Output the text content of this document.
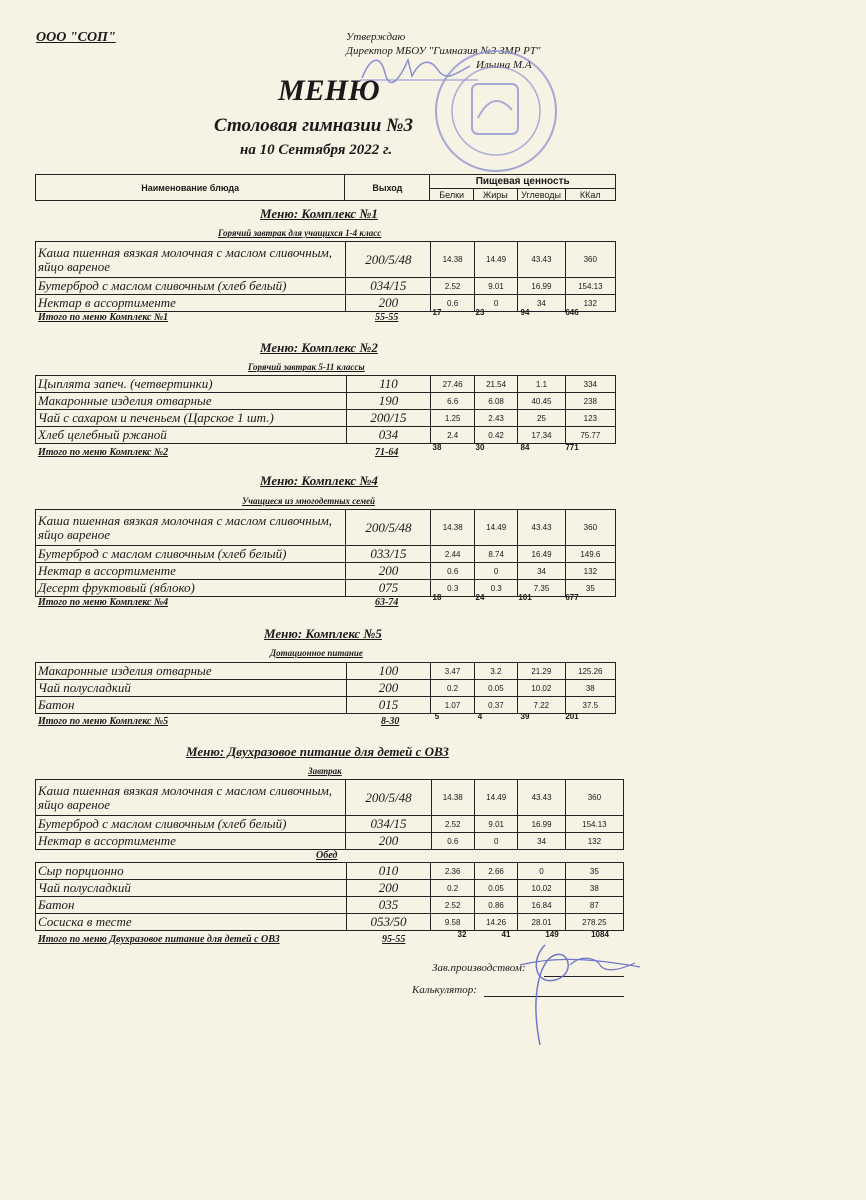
ООО "СОП"	Утверждаю
Директор МБОУ "Гимназия №3 ЗМР РТ"
Ильина М.А
МЕНЮ
Столовая гимназии №3
на 10 Сентября 2022 г.
Наименование блюда	Выход	Пищевая ценность			
		Белки	Жиры	Углеводы	ККал
Меню: Комплекс №1
Горячий завтрак для учащихся 1-4 класс
Каша пшенная вязкая молочная с маслом сливочным, яйцо вареное	200/5/48	14.38	14.49	43.43	360
Бутерброд с маслом сливочным (хлеб белый)	034/15	2.52	9.01	16.99	154.13
Нектар в ассортименте	200	0.6	0	34	132
Итого по меню Комплекс №1	55-55	17	23	94	646
Меню: Комплекс №2
Горячий завтрак 5-11 классы
Цыплята запеч. (четвертинки)	110	27.46	21.54	1.1	334
Макаронные изделия отварные	190	6.6	6.08	40.45	238
Чай с сахаром и печеньем (Царское 1 шт.)	200/15	1.25	2.43	25	123
Хлеб целебный ржаной	034	2.4	0.42	17.34	75.77
Итого по меню Комплекс №2	71-64	38	30	84	771
Меню: Комплекс №4
Учащиеся из многодетных семей
Каша пшенная вязкая молочная с маслом сливочным, яйцо вареное	200/5/48	14.38	14.49	43.43	360
Бутерброд с маслом сливочным (хлеб белый)	033/15	2.44	8.74	16.49	149.6
Нектар в ассортименте	200	0.6	0	34	132
Десерт фруктовый (яблоко)	075	0.3	0.3	7.35	35
Итого по меню Комплекс №4	63-74	18	24	101	677
Меню: Комплекс №5
Дотационное питание
Макаронные изделия отварные	100	3.47	3.2	21.29	125.26
Чай полусладкий	200	0.2	0.05	10.02	38
Батон	015	1.07	0.37	7.22	37.5
Итого по меню Комплекс №5	8-30	5	4	39	201
Меню: Двухразовое питание для детей с ОВЗ
Завтрак
Каша пшенная вязкая молочная с маслом сливочным, яйцо вареное	200/5/48	14.38	14.49	43.43	360
Бутерброд с маслом сливочным (хлеб белый)	034/15	2.52	9.01	16.99	154.13
Нектар в ассортименте	200	0.6	0	34	132
Обед
Сыр порционно	010	2.36	2.66	0	35
Чай полусладкий	200	0.2	0.05	10.02	38
Батон	035	2.52	0.86	16.84	87
Сосиска в тесте	053/50	9.58	14.26	28.01	278.25
Итого по меню Двухразовое питание для детей с ОВЗ	95-55	32	41	149	1084
Зав.производством:
Калькулятор:
